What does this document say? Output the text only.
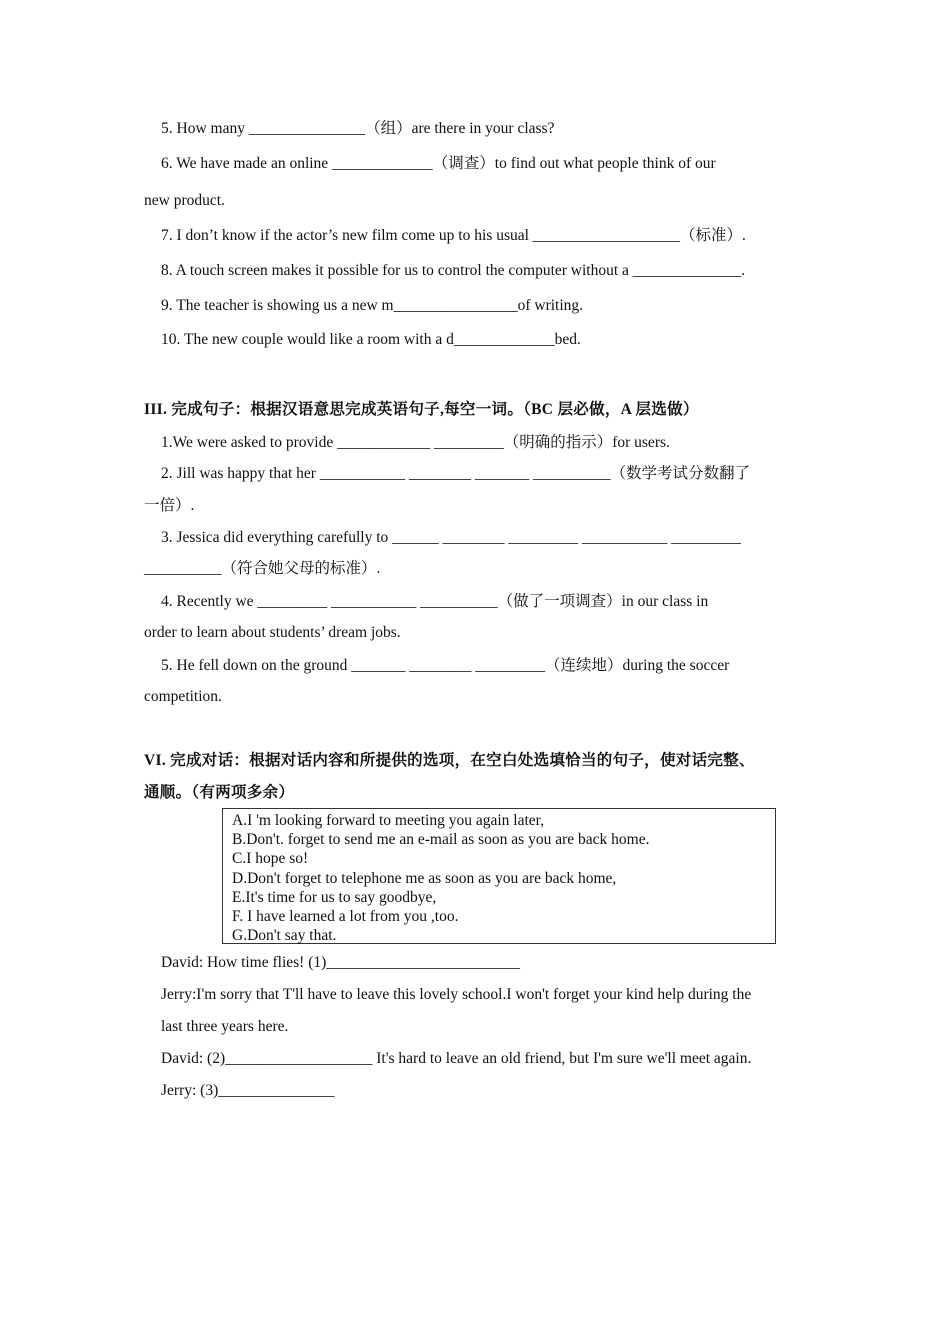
5. How many _______________（组）are there in your class?
6. We have made an online _____________（调查）to find out what people think of our
new product.
7. I don’t know if the actor’s new film come up to his usual ___________________（标准）.
8. A touch screen makes it possible for us to control the computer without a ______________.
9. The teacher is showing us a new m________________of writing.
10. The new couple would like a room with a d_____________bed.
III. 完成句子：根据汉语意思完成英语句子,每空一词。（BC 层必做，A 层选做）
1.We were asked to provide ____________ _________（明确的指示）for users.
2. Jill was happy that her ___________ ________ _______ __________（数学考试分数翻了
一倍）.
3. Jessica did everything carefully to ______ ________ _________ ___________ _________
__________（符合她父母的标准）.
4. Recently we _________ ___________ __________（做了一项调查）in our class in
order to learn about students’ dream jobs.
5. He fell down on the ground _______ ________ _________（连续地）during the soccer
competition.
VI. 完成对话：根据对话内容和所提供的选项，在空白处选填恰当的句子，使对话完整、
通顺。（有两项多余）
A.I 'm looking forward to meeting you again later,
B.Don't. forget to send me an e-mail as soon as you are back home.
C.I hope so!
D.Don't forget to telephone me as soon as you are back home,
E.It's time for us to say goodbye,
F. I have learned a lot from you ,too.
G.Don't say that.
David: How time flies! (1)_________________________
Jerry:I'm sorry that T'll have to leave this lovely school.I won't forget your kind help during the
last three years here.
David: (2)___________________ It's hard to leave an old friend, but I'm sure we'll meet again.
Jerry: (3)_______________
